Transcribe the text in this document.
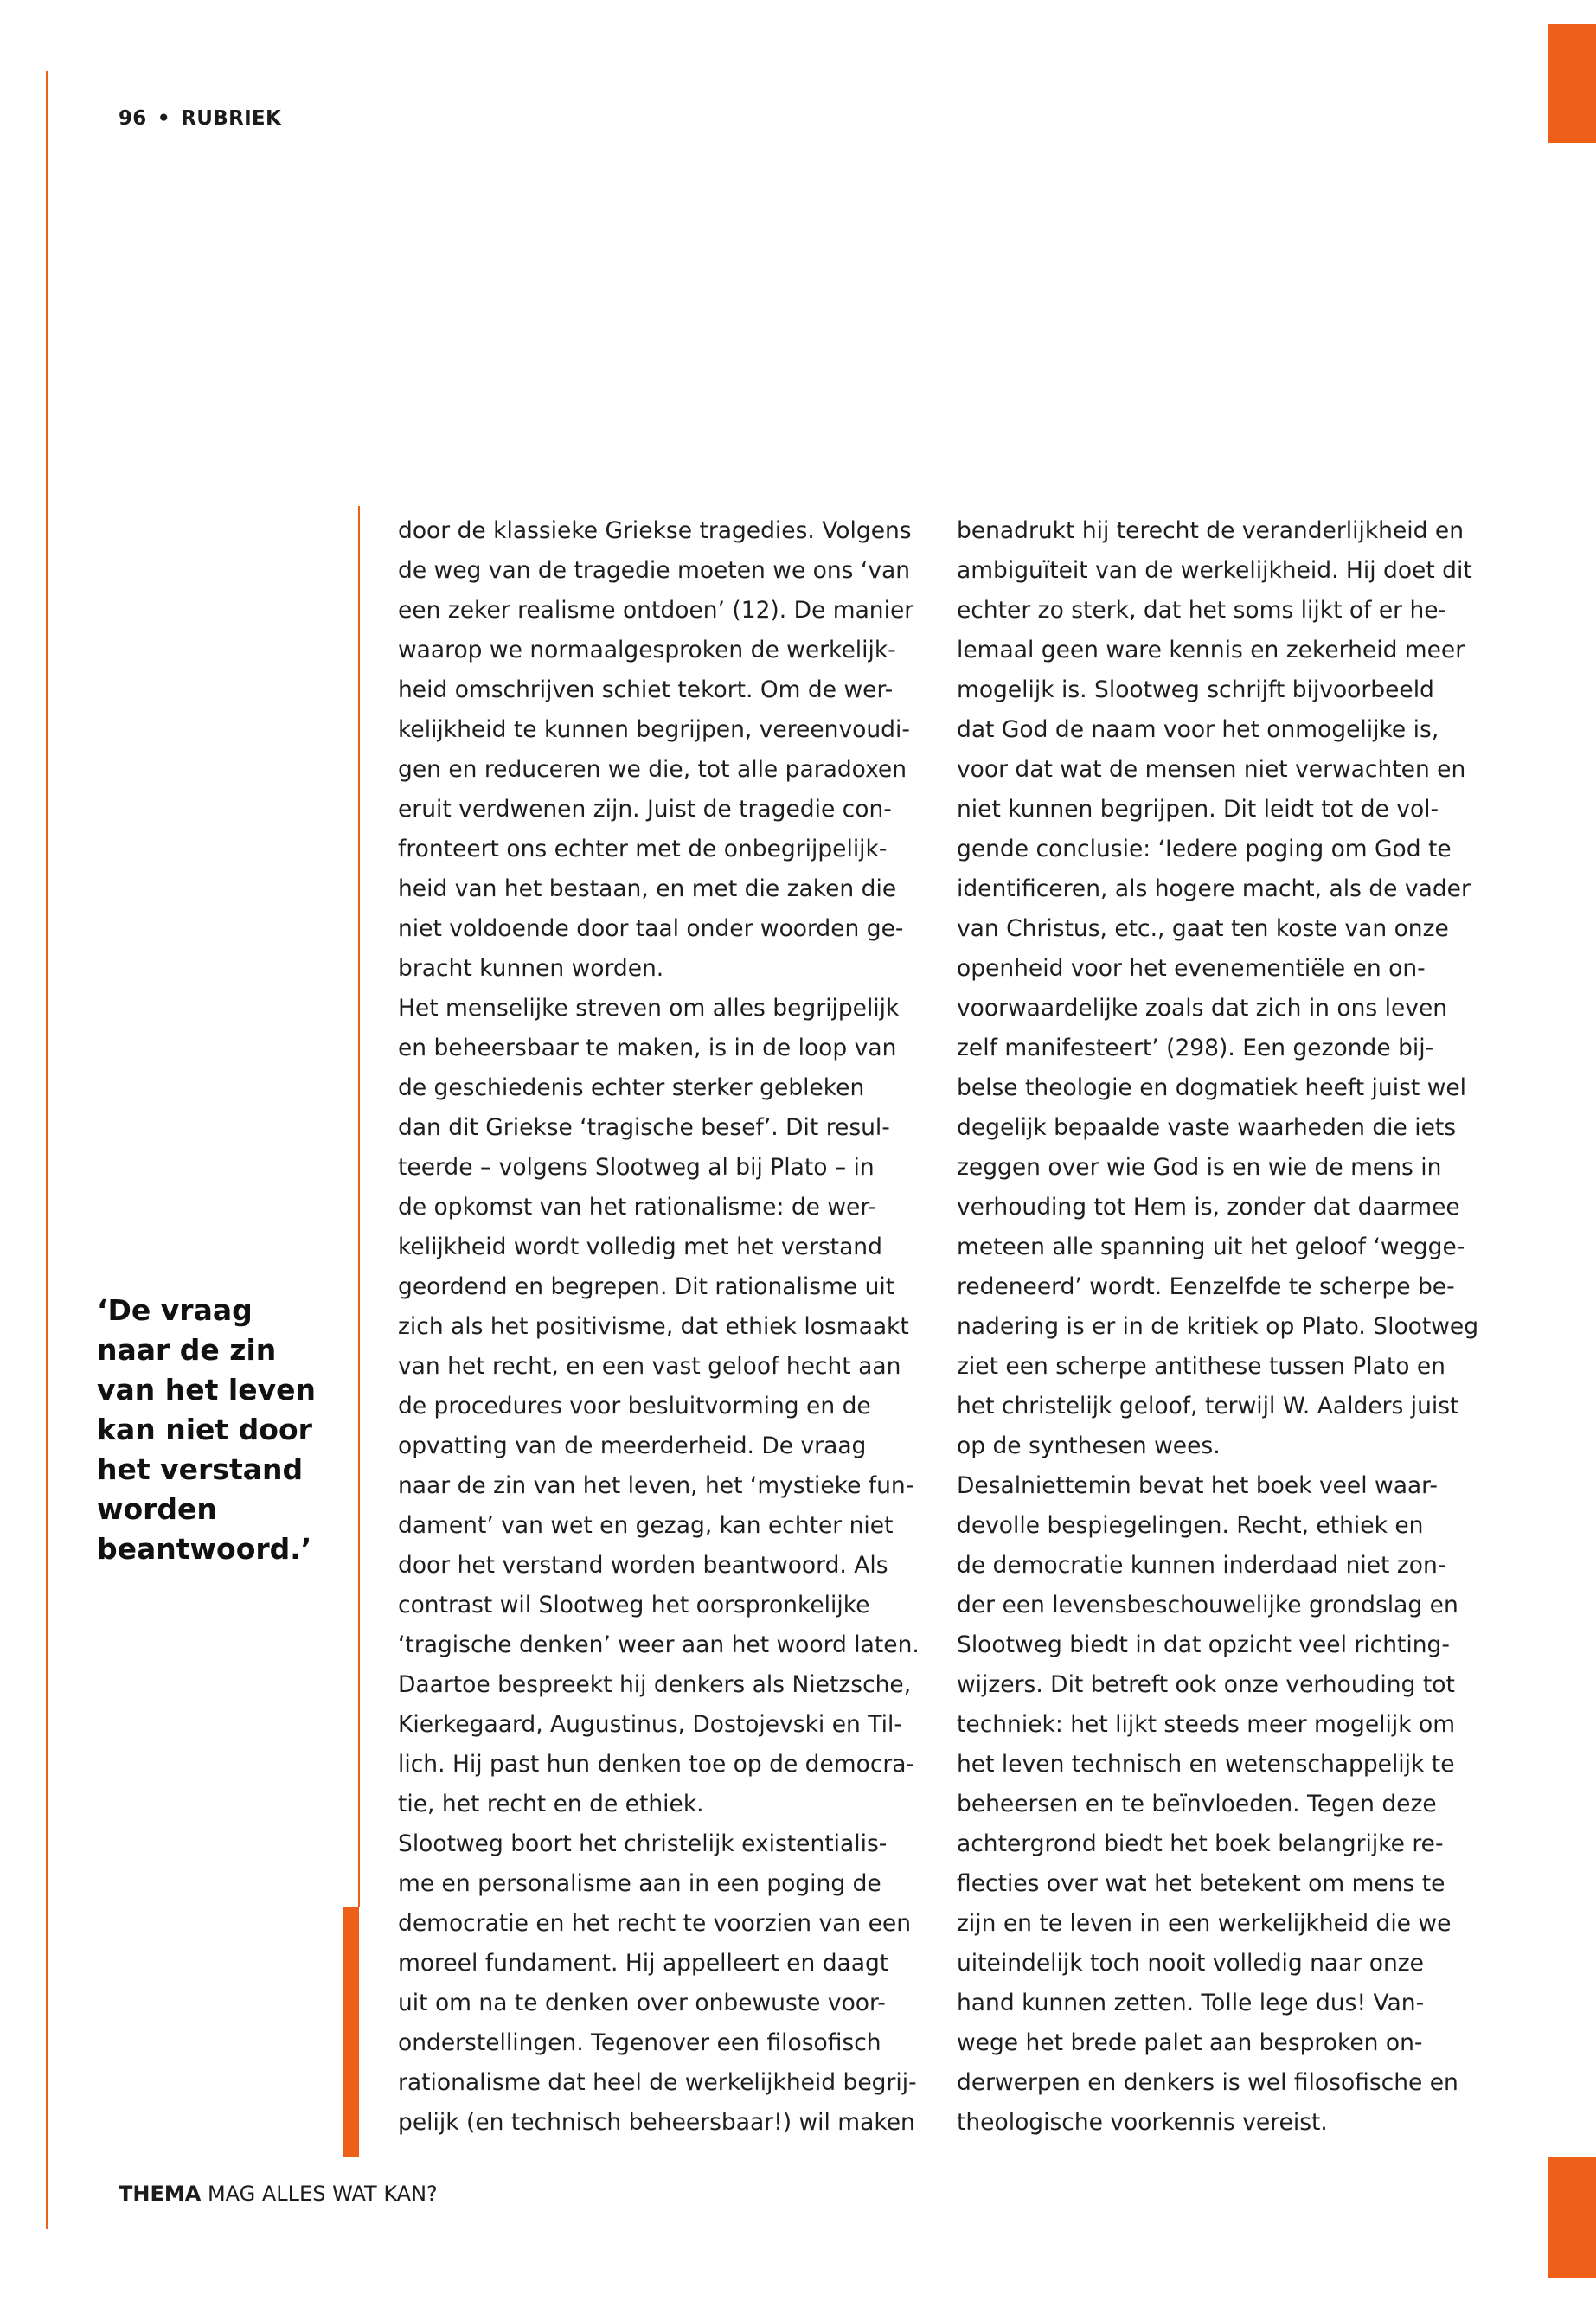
96 • RUBRIEK

‘De vraag
naar de zin
van het leven
kan niet door
het verstand
worden
beantwoord.’

door de klassieke Griekse tragedies. Volgens
de weg van de tragedie moeten we ons ‘van
een zeker realisme ontdoen’ (12). De manier
waarop we normaalgesproken de werkelijk-
heid omschrijven schiet tekort. Om de wer-
kelijkheid te kunnen begrijpen, vereenvoudi-
gen en reduceren we die, tot alle paradoxen
eruit verdwenen zijn. Juist de tragedie con-
fronteert ons echter met de onbegrijpelijk-
heid van het bestaan, en met die zaken die
niet voldoende door taal onder woorden ge-
bracht kunnen worden.
Het menselijke streven om alles begrijpelijk
en beheersbaar te maken, is in de loop van
de geschiedenis echter sterker gebleken
dan dit Griekse ‘tragische besef’. Dit resul-
teerde – volgens Slootweg al bij Plato – in
de opkomst van het rationalisme: de wer-
kelijkheid wordt volledig met het verstand
geordend en begrepen. Dit rationalisme uit
zich als het positivisme, dat ethiek losmaakt
van het recht, en een vast geloof hecht aan
de procedures voor besluitvorming en de
opvatting van de meerderheid. De vraag
naar de zin van het leven, het ‘mystieke fun-
dament’ van wet en gezag, kan echter niet
door het verstand worden beantwoord. Als
contrast wil Slootweg het oorspronkelijke
‘tragische denken’ weer aan het woord laten.
Daartoe bespreekt hij denkers als Nietzsche,
Kierkegaard, Augustinus, Dostojevski en Til-
lich. Hij past hun denken toe op de democra-
tie, het recht en de ethiek.
Slootweg boort het christelijk existentialis-
me en personalisme aan in een poging de
democratie en het recht te voorzien van een
moreel fundament. Hij appelleert en daagt
uit om na te denken over onbewuste voor-
onderstellingen. Tegenover een filosofisch
rationalisme dat heel de werkelijkheid begrij-
pelijk (en technisch beheersbaar!) wil maken
benadrukt hij terecht de veranderlijkheid en
ambiguïteit van de werkelijkheid. Hij doet dit
echter zo sterk, dat het soms lijkt of er he-
lemaal geen ware kennis en zekerheid meer
mogelijk is. Slootweg schrijft bijvoorbeeld
dat God de naam voor het onmogelijke is,
voor dat wat de mensen niet verwachten en
niet kunnen begrijpen. Dit leidt tot de vol-
gende conclusie: ‘Iedere poging om God te
identificeren, als hogere macht, als de vader
van Christus, etc., gaat ten koste van onze
openheid voor het evenementiële en on-
voorwaardelijke zoals dat zich in ons leven
zelf manifesteert’ (298). Een gezonde bij-
belse theologie en dogmatiek heeft juist wel
degelijk bepaalde vaste waarheden die iets
zeggen over wie God is en wie de mens in
verhouding tot Hem is, zonder dat daarmee
meteen alle spanning uit het geloof ‘wegge-
redeneerd’ wordt. Eenzelfde te scherpe be-
nadering is er in de kritiek op Plato. Slootweg
ziet een scherpe antithese tussen Plato en
het christelijk geloof, terwijl W. Aalders juist
op de synthesen wees.
Desalniettemin bevat het boek veel waar-
devolle bespiegelingen. Recht, ethiek en
de democratie kunnen inderdaad niet zon-
der een levensbeschouwelijke grondslag en
Slootweg biedt in dat opzicht veel richting-
wijzers. Dit betreft ook onze verhouding tot
techniek: het lijkt steeds meer mogelijk om
het leven technisch en wetenschappelijk te
beheersen en te beïnvloeden. Tegen deze
achtergrond biedt het boek belangrijke re-
flecties over wat het betekent om mens te
zijn en te leven in een werkelijkheid die we
uiteindelijk toch nooit volledig naar onze
hand kunnen zetten. Tolle lege dus! Van-
wege het brede palet aan besproken on-
derwerpen en denkers is wel filosofische en
theologische voorkennis vereist.
THEMA MAG ALLES WAT KAN?
